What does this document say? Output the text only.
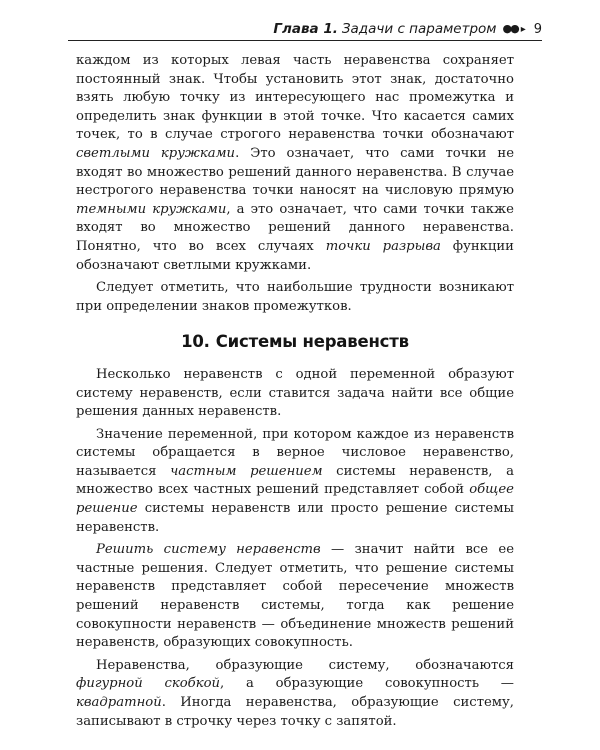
Глава 1. Задачи с параметром ●● ▸ 9

каждом из которых левая часть неравенства сохраняет постоянный знак. Чтобы установить этот знак, достаточно взять любую точку из интересующего нас промежутка и определить знак функции в этой точке. Что касается самих точек, то в случае строгого неравенства точки обозначают светлыми кружками. Это означает, что сами точки не входят во множество решений данного неравенства. В случае нестрогого неравенства точки наносят на числовую прямую темными кружками, а это означает, что сами точки также входят во множество решений данного неравенства. Понятно, что во всех случаях точки разрыва функции обозначают светлыми кружками.

Следует отметить, что наибольшие трудности возникают при определении знаков промежутков.

10. Системы неравенств

Несколько неравенств с одной переменной образуют систему неравенств, если ставится задача найти все общие решения данных неравенств.

Значение переменной, при котором каждое из неравенств системы обращается в верное числовое неравенство, называется частным решением системы неравенств, а множество всех частных решений представляет собой общее решение системы неравенств или просто решение системы неравенств.

Решить систему неравенств — значит найти все ее частные решения. Следует отметить, что решение системы неравенств представляет собой пересечение множеств решений неравенств системы, тогда как решение совокупности неравенств — объединение множеств решений неравенств, образующих совокупность.

Неравенства, образующие систему, обозначаются фигурной скобкой, а образующие совокупность — квадратной. Иногда неравенства, образующие систему, записывают в строчку через точку с запятой.
